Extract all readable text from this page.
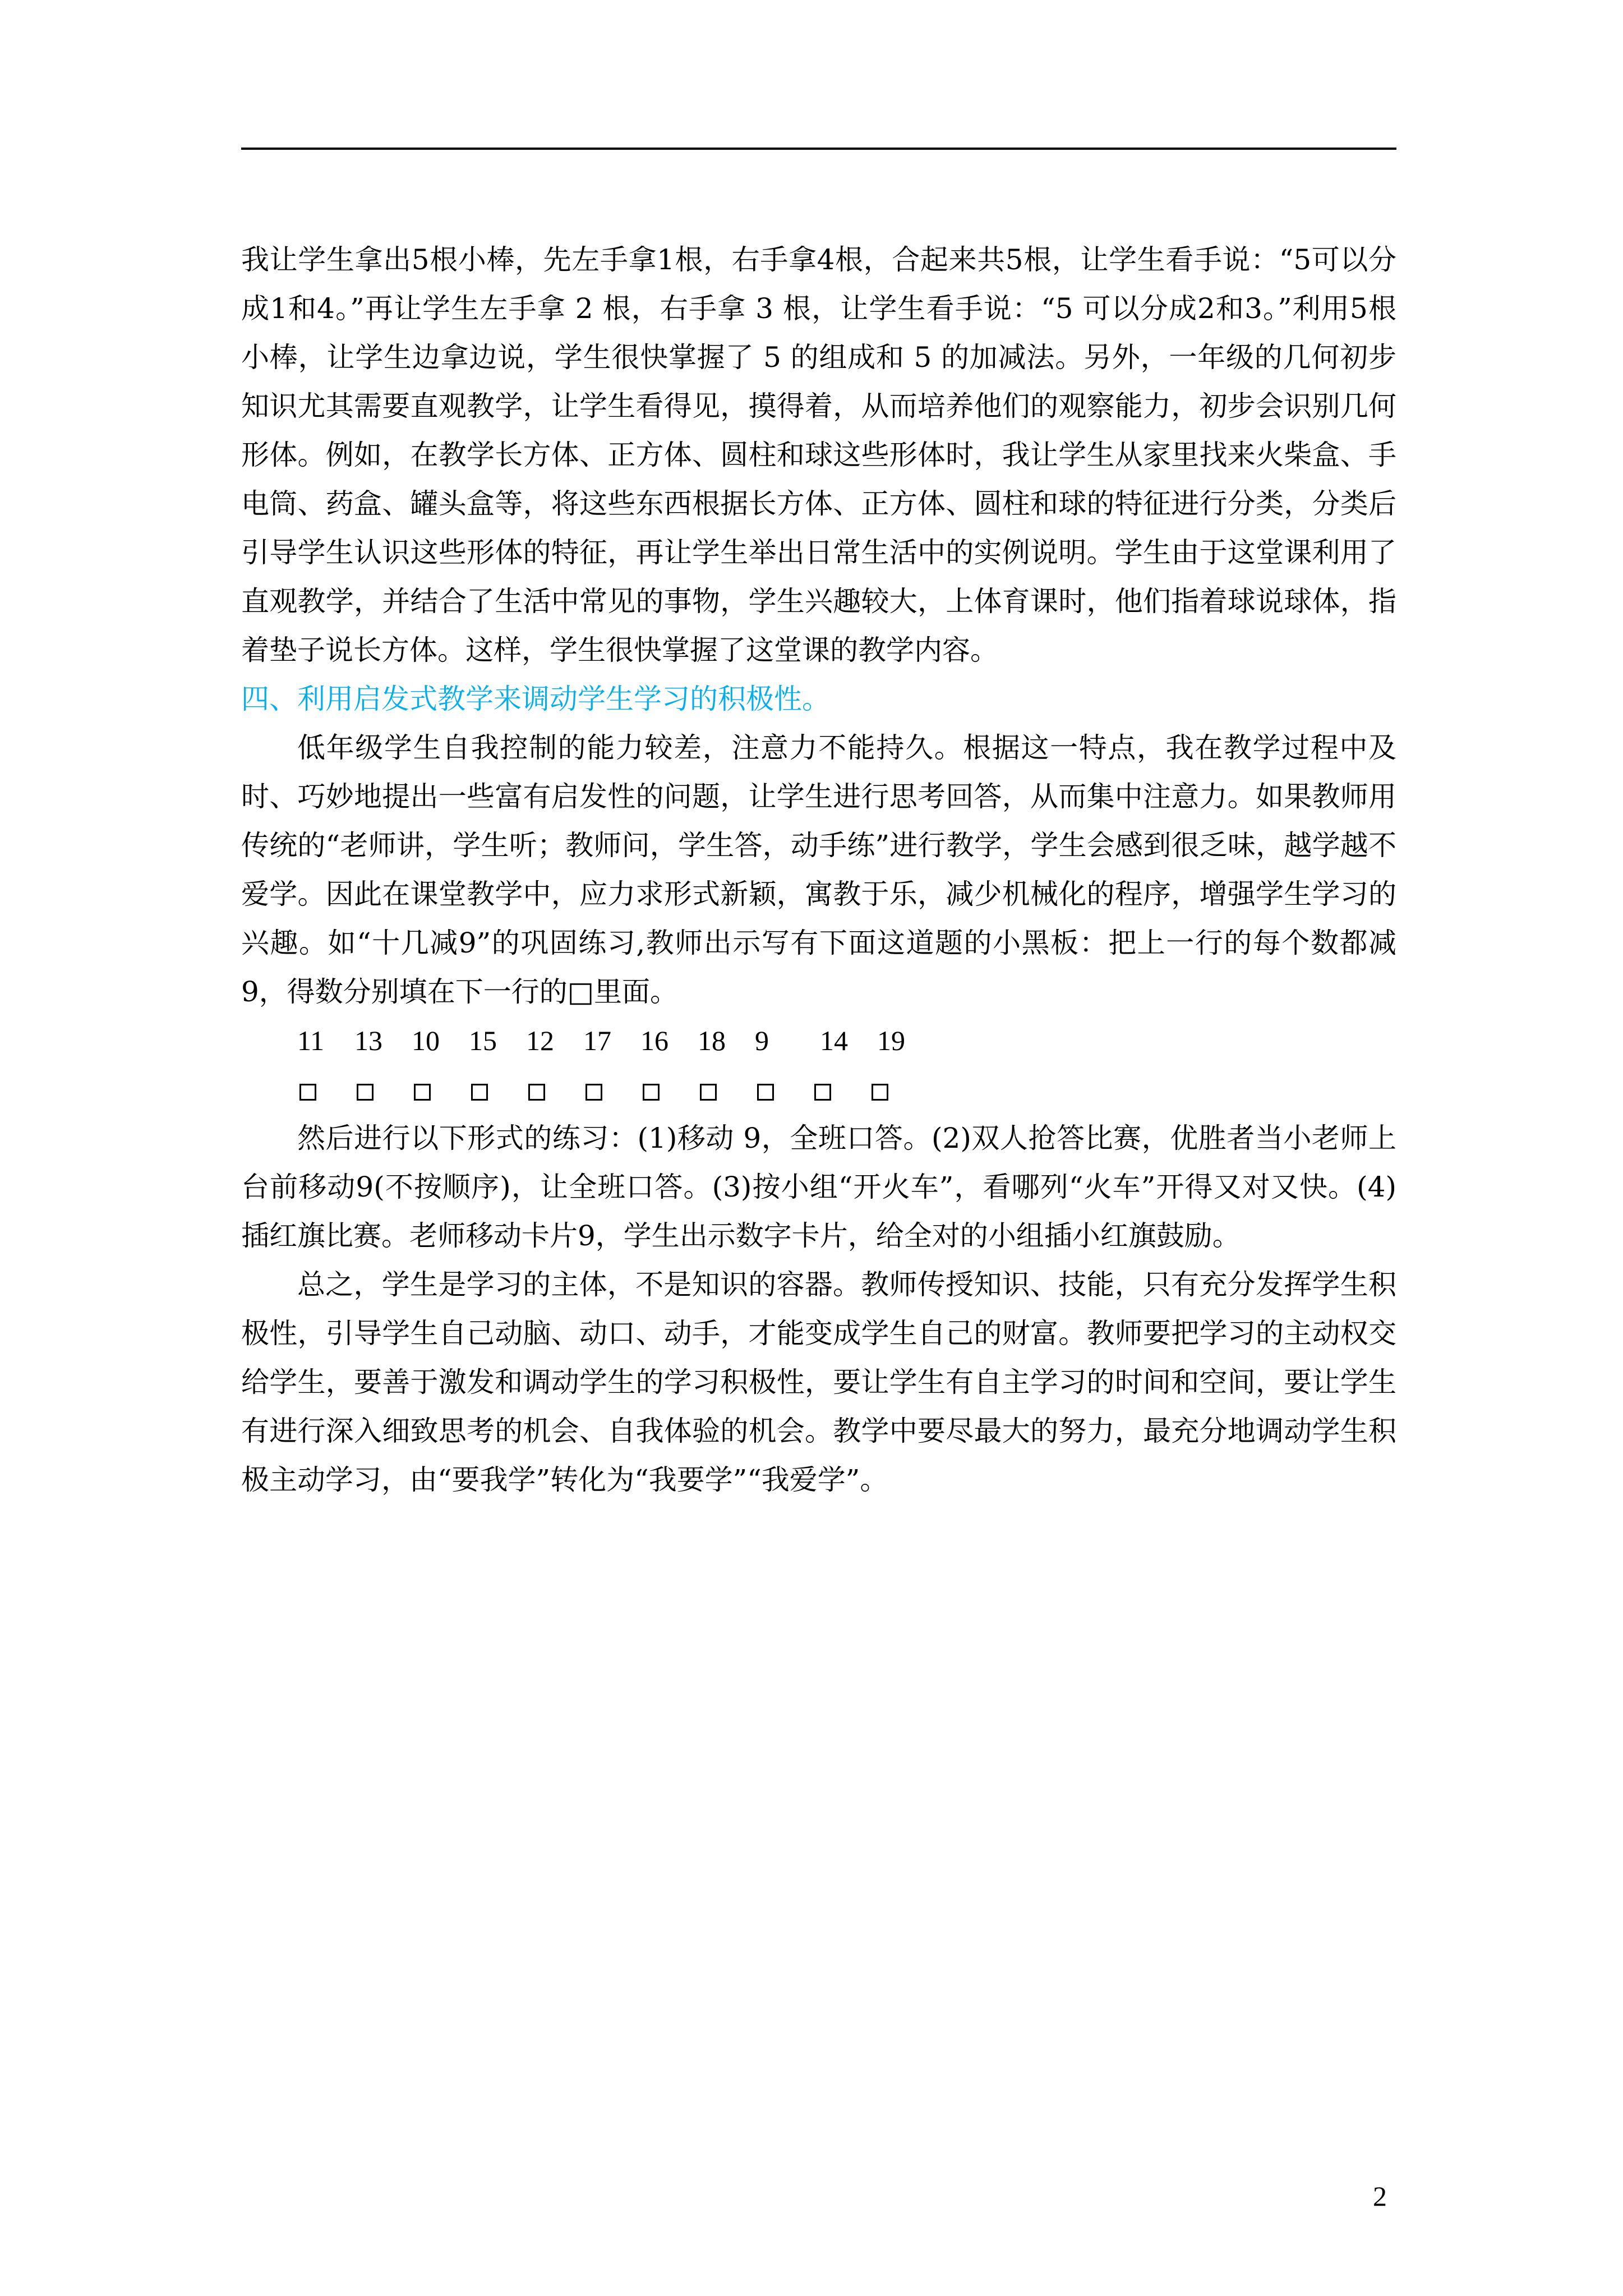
我让学生拿出5根小棒，先左手拿1根，右手拿4根，合起来共5根，让学生看手说：“5可以分成1和4。”再让学生左手拿 2 根，右手拿 3 根，让学生看手说：“5 可以分成2和3。”利用5根小棒，让学生边拿边说，学生很快掌握了 5 的组成和 5 的加减法。另外，一年级的几何初步知识尤其需要直观教学，让学生看得见，摸得着，从而培养他们的观察能力，初步会识别几何形体。例如，在教学长方体、正方体、圆柱和球这些形体时，我让学生从家里找来火柴盒、手电筒、药盒、罐头盒等，将这些东西根据长方体、正方体、圆柱和球的特征进行分类，分类后引导学生认识这些形体的特征，再让学生举出日常生活中的实例说明。学生由于这堂课利用了直观教学，并结合了生活中常见的事物，学生兴趣较大，上体育课时，他们指着球说球体，指着垫子说长方体。这样，学生很快掌握了这堂课的教学内容。

四、利用启发式教学来调动学生学习的积极性。

低年级学生自我控制的能力较差，注意力不能持久。根据这一特点，我在教学过程中及时、巧妙地提出一些富有启发性的问题，让学生进行思考回答，从而集中注意力。如果教师用传统的“老师讲，学生听；教师问，学生答，动手练”进行教学，学生会感到很乏味，越学越不爱学。因此在课堂教学中，应力求形式新颖，寓教于乐，减少机械化的程序，增强学生学习的兴趣。如“十几减9”的巩固练习,教师出示写有下面这道题的小黑板：把上一行的每个数都减9，得数分别填在下一行的□里面。

11 13 10 15 12 17 16 18 9 14 19

然后进行以下形式的练习：(1)移动 9，全班口答。(2)双人抢答比赛，优胜者当小老师上台前移动9(不按顺序)，让全班口答。(3)按小组“开火车”，看哪列“火车”开得又对又快。(4)插红旗比赛。老师移动卡片9，学生出示数字卡片，给全对的小组插小红旗鼓励。

总之，学生是学习的主体，不是知识的容器。教师传授知识、技能，只有充分发挥学生积极性，引导学生自己动脑、动口、动手，才能变成学生自己的财富。教师要把学习的主动权交给学生，要善于激发和调动学生的学习积极性，要让学生有自主学习的时间和空间，要让学生有进行深入细致思考的机会、自我体验的机会。教学中要尽最大的努力，最充分地调动学生积极主动学习，由“要我学”转化为“我要学”“我爱学”。

2
